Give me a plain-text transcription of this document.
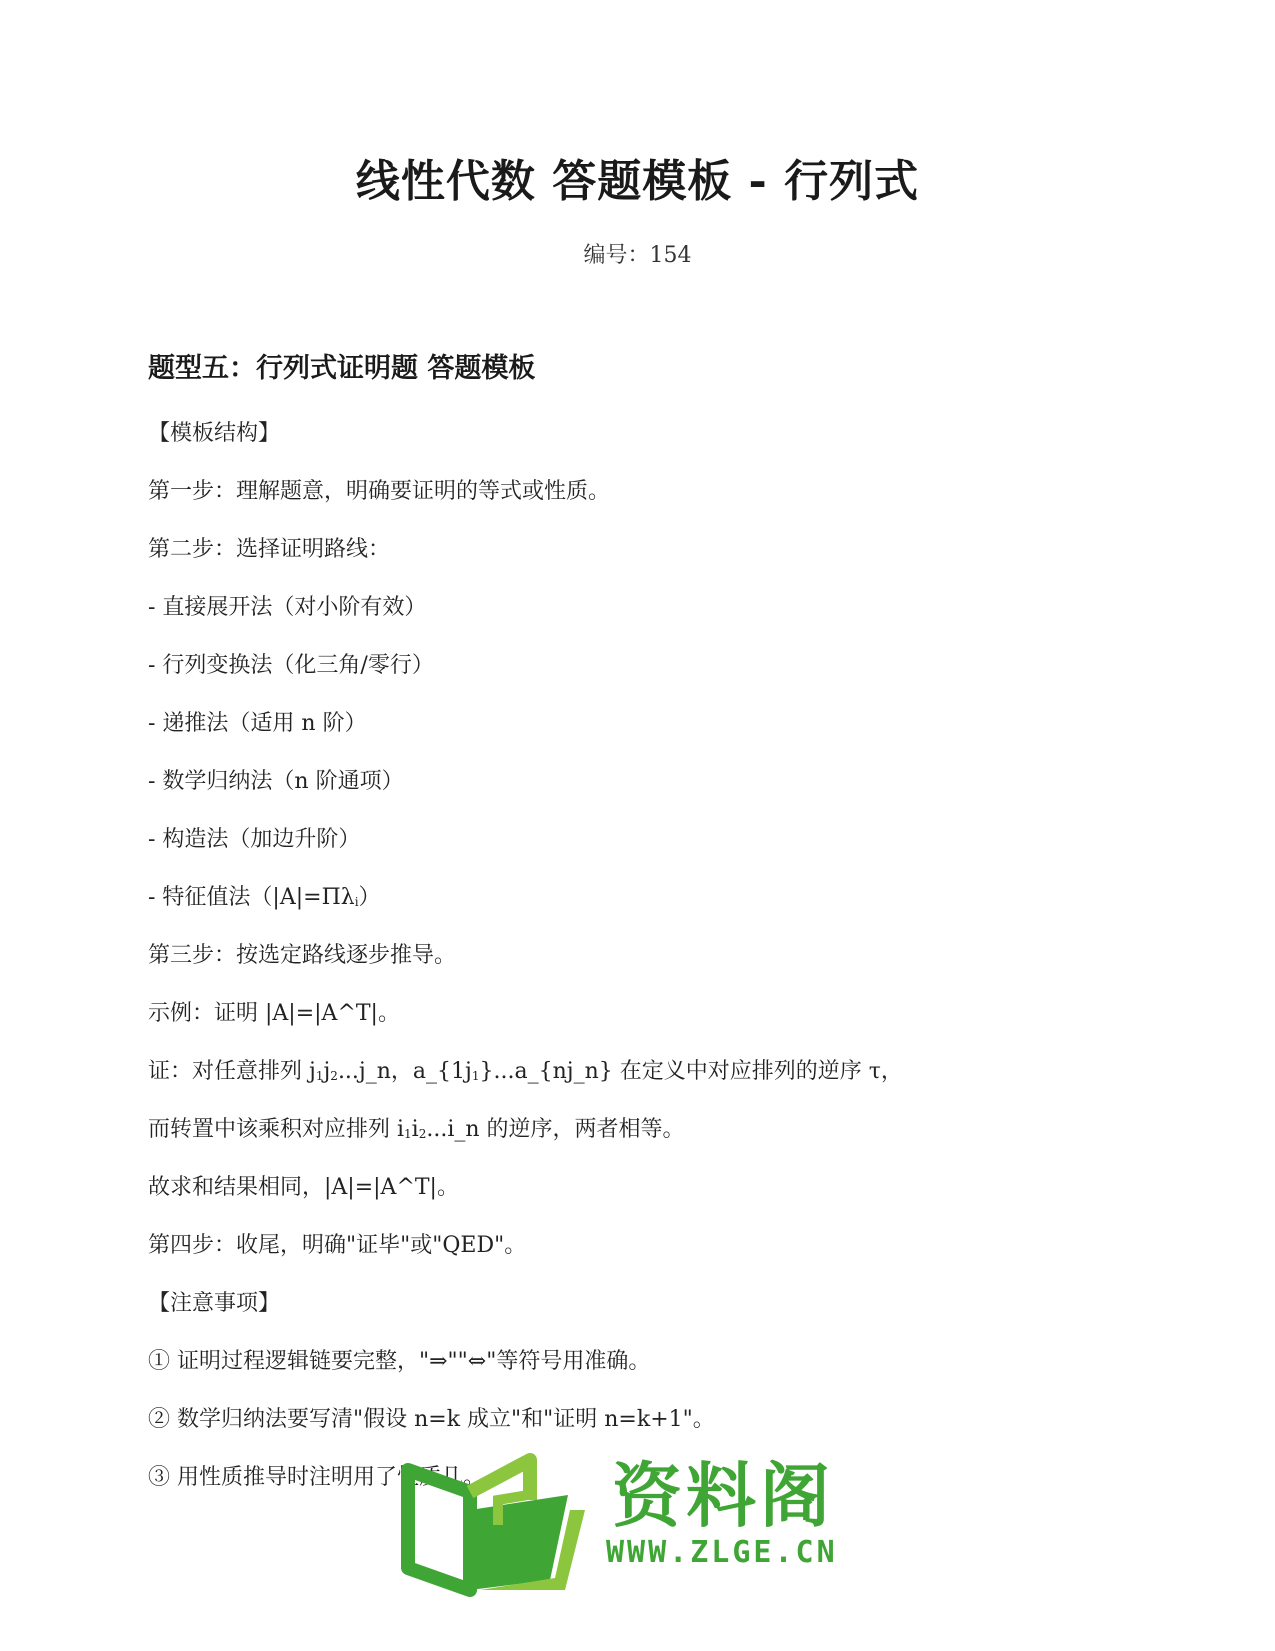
线性代数 答题模板 - 行列式
编号：154
题型五：行列式证明题 答题模板
【模板结构】
第一步：理解题意，明确要证明的等式或性质。
第二步：选择证明路线：
- 直接展开法（对小阶有效）
- 行列变换法（化三角/零行）
- 递推法（适用 n 阶）
- 数学归纳法（n 阶通项）
- 构造法（加边升阶）
- 特征值法$(|A|=\Pi\lambda_i)$
第三步：按选定路线逐步推导。
示例：证明 |A|=|A^T|。
证：对任意排列 $j_1j_2...j\_n$，$a\_\{1j_1\}...a\_\{nj\_n\}$ 在定义中对应排列的逆序 τ，
而转置中该乘积对应排列 $i_1i_2...i\_n$ 的逆序，两者相等。
故求和结果相同，|A|=|A^T|。
第四步：收尾，明确"证毕"或"QED"。
【注意事项】
① 证明过程逻辑链要完整，"⇒""⇔"等符号用准确。
② 数学归纳法要写清"假设 n=k 成立"和"证明 n=k+1"。
③ 用性质推导时注明用了性质几。	资料阁
WWW.ZLGE.CN
